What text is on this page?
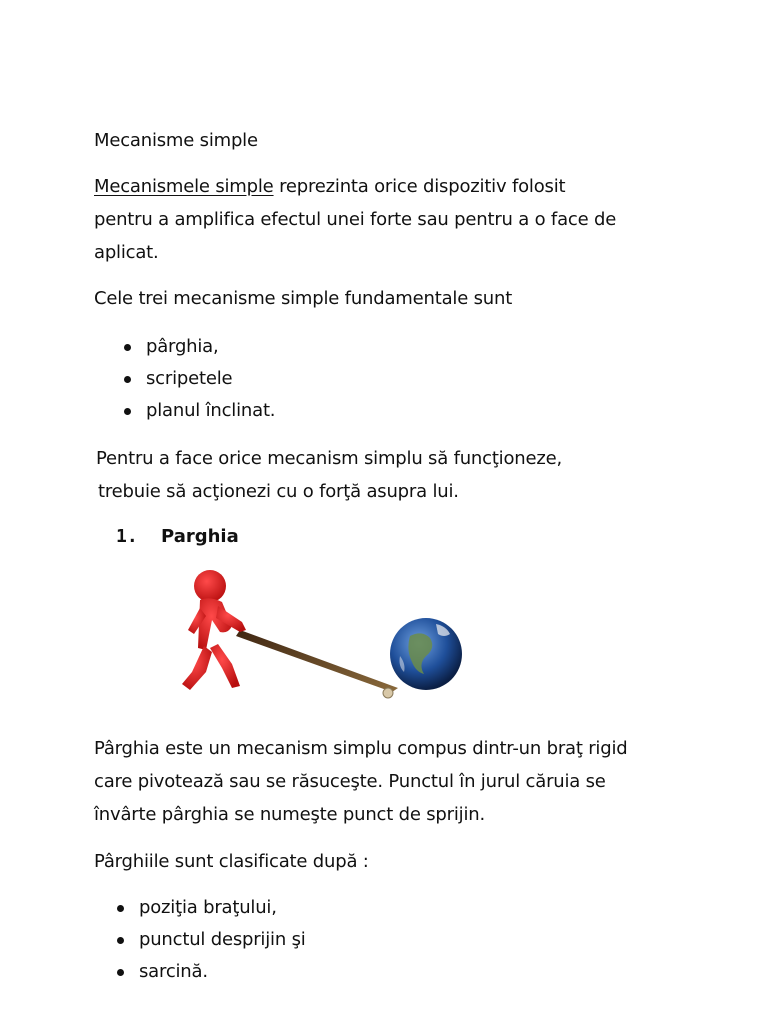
Mecanisme simple
Mecanismele simple reprezinta orice dispozitiv folosit
pentru a amplifica efectul unei forte sau pentru a o face de
aplicat.
Cele trei mecanisme simple fundamentale sunt
pârghia,
scripetele
planul înclinat.
Pentru a face orice mecanism simplu să funcţioneze,
trebuie să acţionezi cu o forţă asupra lui.
1. Parghia
Pârghia este un mecanism simplu compus dintr-un braţ rigid
care pivotează sau se răsuceşte. Punctul în jurul căruia se
învârte pârghia se numeşte punct de sprijin.
Pârghiile sunt clasificate după :
poziţia braţului,
punctul desprijin şi
sarcină.
